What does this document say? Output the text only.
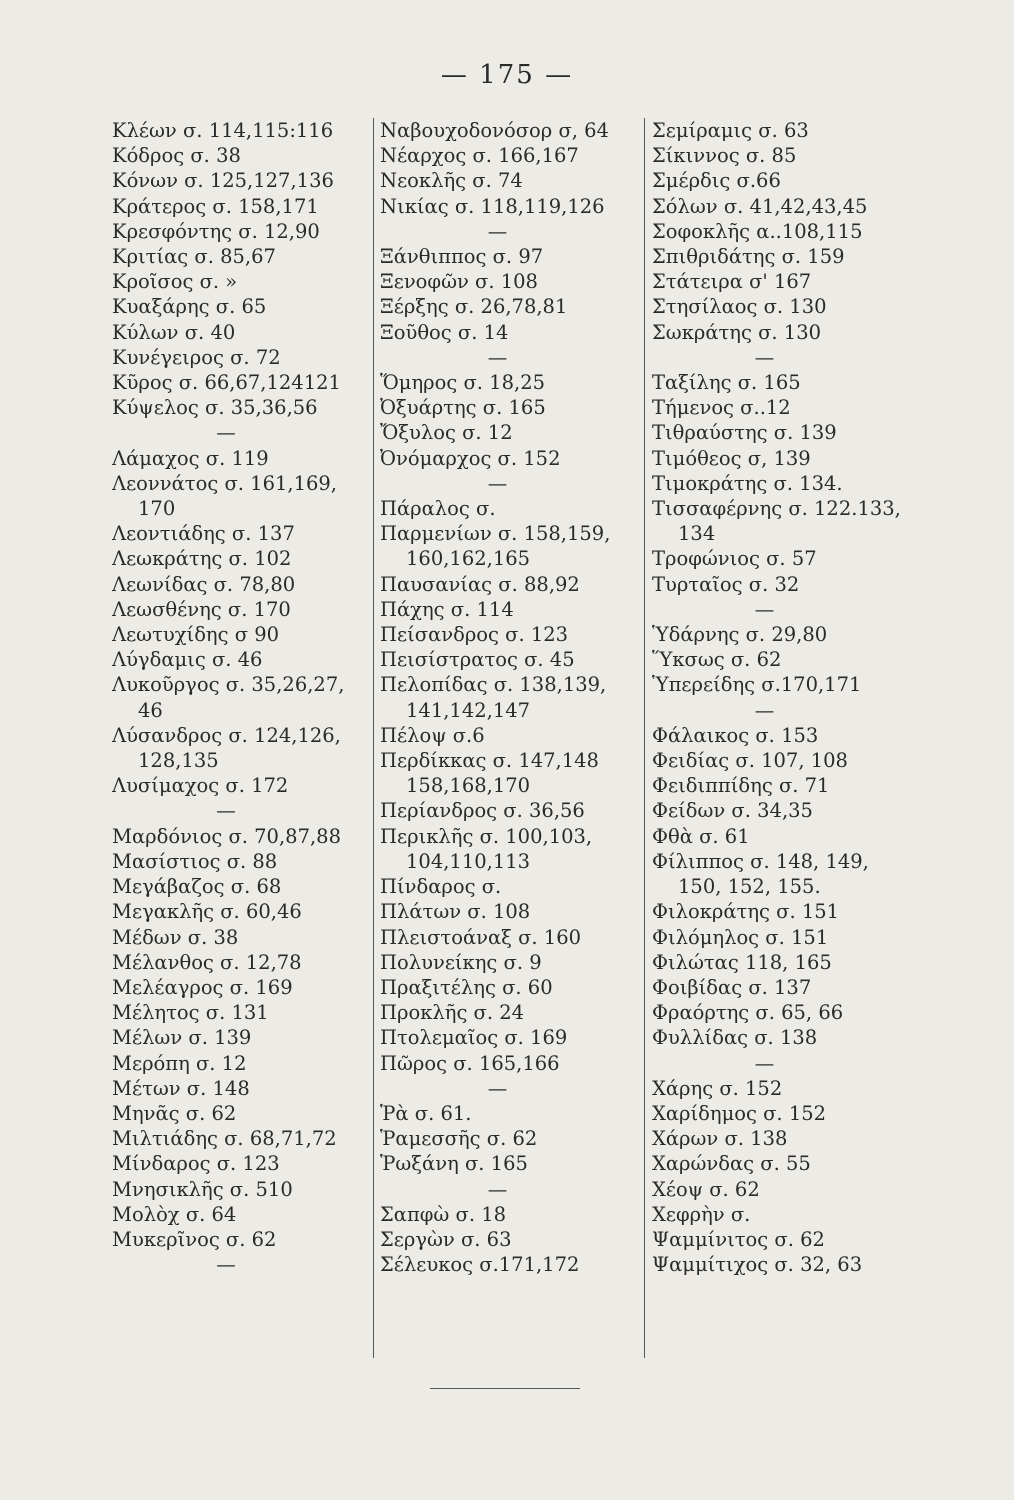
— 175 —
Κλέων σ. 114,115:116
Κόδρος σ. 38
Κόνων σ. 125,127,136
Κράτερος σ. 158,171
Κρεσφόντης σ. 12,90
Κριτίας σ. 85,67
Κροῖσος σ. »
Κυαξάρης σ. 65
Κύλων σ. 40
Κυνέγειρος σ. 72
Κῦρος σ. 66,67,124121
Κύψελος σ. 35,36,56
—
Λάμαχος σ. 119
Λεοννάτος σ. 161,169,
170
Λεοντιάδης σ. 137
Λεωκράτης σ. 102
Λεωνίδας σ. 78,80
Λεωσθένης σ. 170
Λεωτυχίδης σ 90
Λύγδαμις σ. 46
Λυκοῦργος σ. 35,26,27,
46
Λύσανδρος σ. 124,126,
128,135
Λυσίμαχος σ. 172
—
Μαρδόνιος σ. 70,87,88
Μασίστιος σ. 88
Μεγάβαζος σ. 68
Μεγακλῆς σ. 60,46
Μέδων σ. 38
Μέλανθος σ. 12,78
Μελέαγρος σ. 169
Μέλητος σ. 131
Μέλων σ. 139
Μερόπη σ. 12
Μέτων σ. 148
Μηνᾶς σ. 62
Μιλτιάδης σ. 68,71,72
Μίνδαρος σ. 123
Μνησικλῆς σ. 510
Μολὸχ σ. 64
Μυκερῖνος σ. 62
—
Ναβουχοδονόσορ σ, 64
Νέαρχος σ. 166,167
Νεοκλῆς σ. 74
Νικίας σ. 118,119,126
—
Ξάνθιππος σ. 97
Ξενοφῶν σ. 108
Ξέρξης σ. 26,78,81
Ξοῦθος σ. 14
—
Ὅμηρος σ. 18,25
Ὀξυάρτης σ. 165
Ὄξυλος σ. 12
Ὀνόμαρχος σ. 152
—
Πάραλος σ.
Παρμενίων σ. 158,159,
160,162,165
Παυσανίας σ. 88,92
Πάχης σ. 114
Πείσανδρος σ. 123
Πεισίστρατος σ. 45
Πελοπίδας σ. 138,139,
141,142,147
Πέλοψ σ.6
Περδίκκας σ. 147,148
158,168,170
Περίανδρος σ. 36,56
Περικλῆς σ. 100,103,
104,110,113
Πίνδαρος σ.
Πλάτων σ. 108
Πλειστοάναξ σ. 160
Πολυνείκης σ. 9
Πραξιτέλης σ. 60
Προκλῆς σ. 24
Πτολεμαῖος σ. 169
Πῶρος σ. 165,166
—
Ῥὰ σ. 61.
Ῥαμεσσῆς σ. 62
Ῥωξάνη σ. 165
—
Σαπφὼ σ. 18
Σεργὼν σ. 63
Σέλευκος σ.171,172
Σεμίραμις σ. 63
Σίκιννος σ. 85
Σμέρδις σ.66
Σόλων σ. 41,42,43,45
Σοφοκλῆς α..108,115
Σπιθριδάτης σ. 159
Στάτειρα σ' 167
Στησίλαος σ. 130
Σωκράτης σ. 130
—
Ταξίλης σ. 165
Τήμενος σ..12
Τιθραύστης σ. 139
Τιμόθεος σ, 139
Τιμοκράτης σ. 134.
Τισσαφέρνης σ. 122.133,
134
Τροφώνιος σ. 57
Τυρταῖος σ. 32
—
Ὑδάρνης σ. 29,80
Ὕκσως σ. 62
Ὑπερείδης σ.170,171
—
Φάλαικος σ. 153
Φειδίας σ. 107, 108
Φειδιππίδης σ. 71
Φείδων σ. 34,35
Φθὰ σ. 61
Φίλιππος σ. 148, 149,
150, 152, 155.
Φιλοκράτης σ. 151
Φιλόμηλος σ. 151
Φιλώτας 118, 165
Φοιβίδας σ. 137
Φραόρτης σ. 65, 66
Φυλλίδας σ. 138
—
Χάρης σ. 152
Χαρίδημος σ. 152
Χάρων σ. 138
Χαρώνδας σ. 55
Χέοψ σ. 62
Χεφρὴν σ.
Ψαμμίνιτος σ. 62
Ψαμμίτιχος σ. 32, 63
